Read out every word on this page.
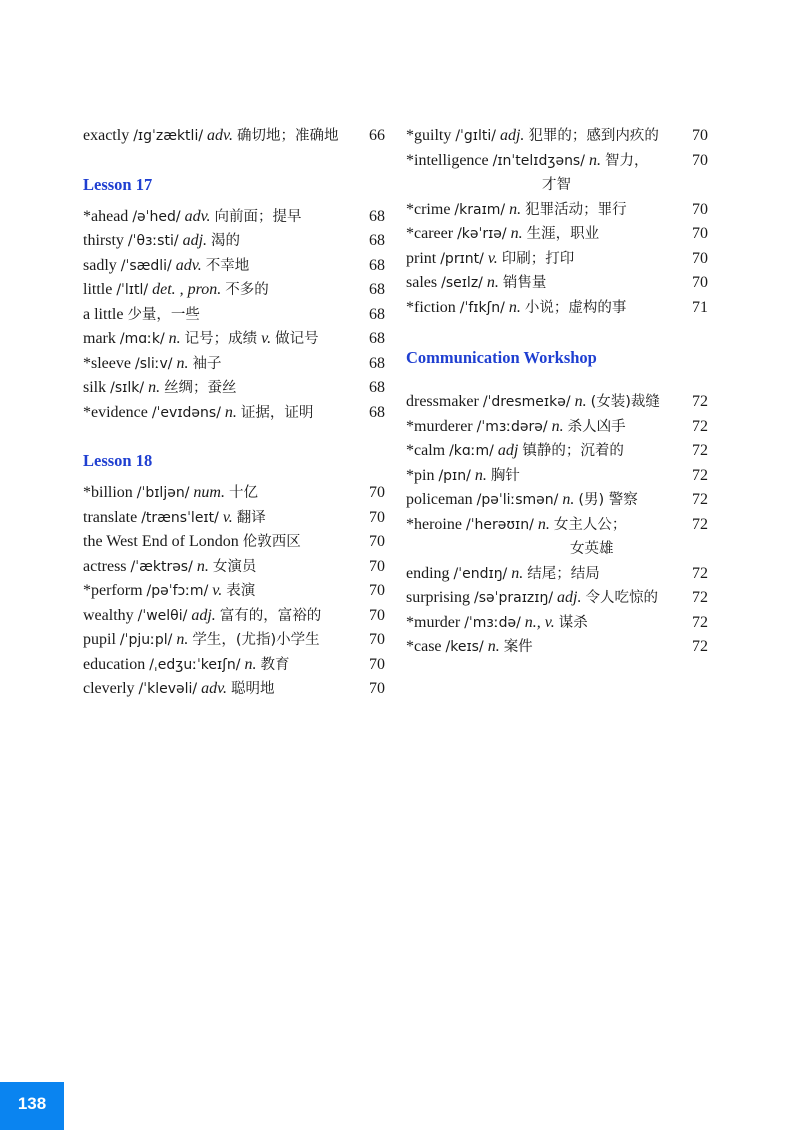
exactly /ɪgˈzæktli/ adv. 确切地；准确地	66
Lesson 17
*ahead /əˈhed/ adv. 向前面；提早	68
thirsty /ˈθɜːsti/ adj. 渴的	68
sadly /ˈsædli/ adv. 不幸地	68
little /ˈlɪtl/ det. , pron. 不多的	68
a little 少量，一些	68
mark /mɑːk/ n. 记号；成绩 v. 做记号	68
*sleeve /sliːv/ n. 袖子	68
silk /sɪlk/ n. 丝绸；蚕丝	68
*evidence /ˈevɪdəns/ n. 证据，证明	68
Lesson 18
*billion /ˈbɪljən/ num. 十亿	70
translate /trænsˈleɪt/ v. 翻译	70
the West End of London 伦敦西区	70
actress /ˈæktrəs/ n. 女演员	70
*perform /pəˈfɔːm/ v. 表演	70
wealthy /ˈwelθi/ adj. 富有的，富裕的	70
pupil /ˈpjuːpl/ n. 学生，(尤指)小学生	70
education /ˌedʒuːˈkeɪʃn/ n. 教育	70
cleverly /ˈklevəli/ adv. 聪明地	70
*guilty /ˈgɪlti/ adj. 犯罪的；感到内疚的	70
*intelligence /ɪnˈtelɪdʒəns/ n. 智力，	70
才智
*crime /kraɪm/ n. 犯罪活动；罪行	70
*career /kəˈrɪə/ n. 生涯，职业	70
print /prɪnt/ v. 印刷；打印	70
sales /seɪlz/ n. 销售量	70
*fiction /ˈfɪkʃn/ n. 小说；虚构的事	71
Communication Workshop
dressmaker /ˈdresmeɪkə/ n. (女装)裁缝	72
*murderer /ˈmɜːdərə/ n. 杀人凶手	72
*calm /kɑːm/ adj 镇静的；沉着的	72
*pin /pɪn/ n. 胸针	72
policeman /pəˈliːsmən/ n. (男) 警察	72
*heroine /ˈherəʊɪn/ n. 女主人公；	72
女英雄
ending /ˈendɪŋ/ n. 结尾；结局	72
surprising /səˈpraɪzɪŋ/ adj. 令人吃惊的	72
*murder /ˈmɜːdə/ n., v. 谋杀	72
*case /keɪs/ n. 案件	72
138
